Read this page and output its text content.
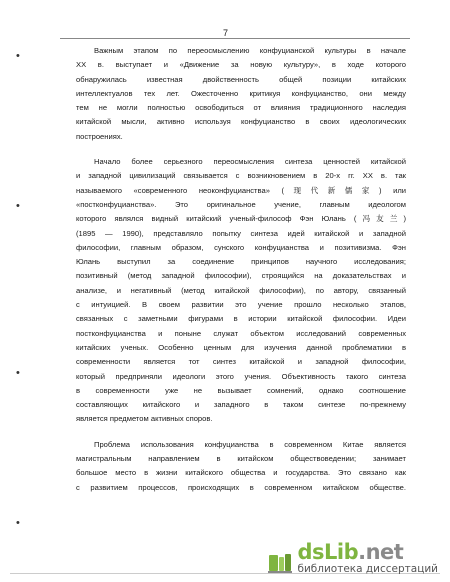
7
•
•
•
•

Важным этапом по переосмыслению конфуцианской культуры в начале
XX в. выступает и «Движение за новую культуру», в ходе которого
обнаружилась известная двойственность общей позиции китайских
интеллектуалов тех лет. Ожесточенно критикуя конфуцианство, они между
тем не могли полностью освободиться от влияния традиционного наследия
китайской мысли, активно используя конфуцианство в своих идеологических
построениях.

Начало более серьезного переосмысления синтеза ценностей китайской
и западной цивилизаций связывается с возникновением в 20-х гг. XX в. так
называемого «современного неоконфуцианства» (现代新儒家) или
«постконфуцианства». Это оригинальное учение, главным идеологом
которого являлся видный китайский ученый-философ Фэн Юлань (冯友兰)
(1895 — 1990), представляло попытку синтеза идей китайской и западной
философии, главным образом, сунского конфуцианства и позитивизма. Фэн
Юлань выступил за соединение принципов научного исследования;
позитивный (метод западной философии), строящийся на доказательствах и
анализе, и негативный (метод китайской философии), по автору, связанный
с интуицией. В своем развитии это учение прошло несколько этапов,
связанных с заметными фигурами в истории китайской философии. Идеи
постконфуцианства и поныне служат объектом исследований современных
китайских ученых. Особенно ценным для изучения данной проблематики в
современности является тот синтез китайской и западной философии,
который предприняли идеологи этого учения. Объективность такого синтеза
в современности уже не вызывает сомнений, однако соотношение
составляющих китайского и западного в таком синтезе по-прежнему
является предметом активных споров.

Проблема использования конфуцианства в современном Китае является
магистральным направлением в китайском обществоведении; занимает
большое место в жизни китайского общества и государства. Это связано как
с развитием процессов, происходящих в современном китайском обществе.

dsLib.net
библиотека диссертаций
